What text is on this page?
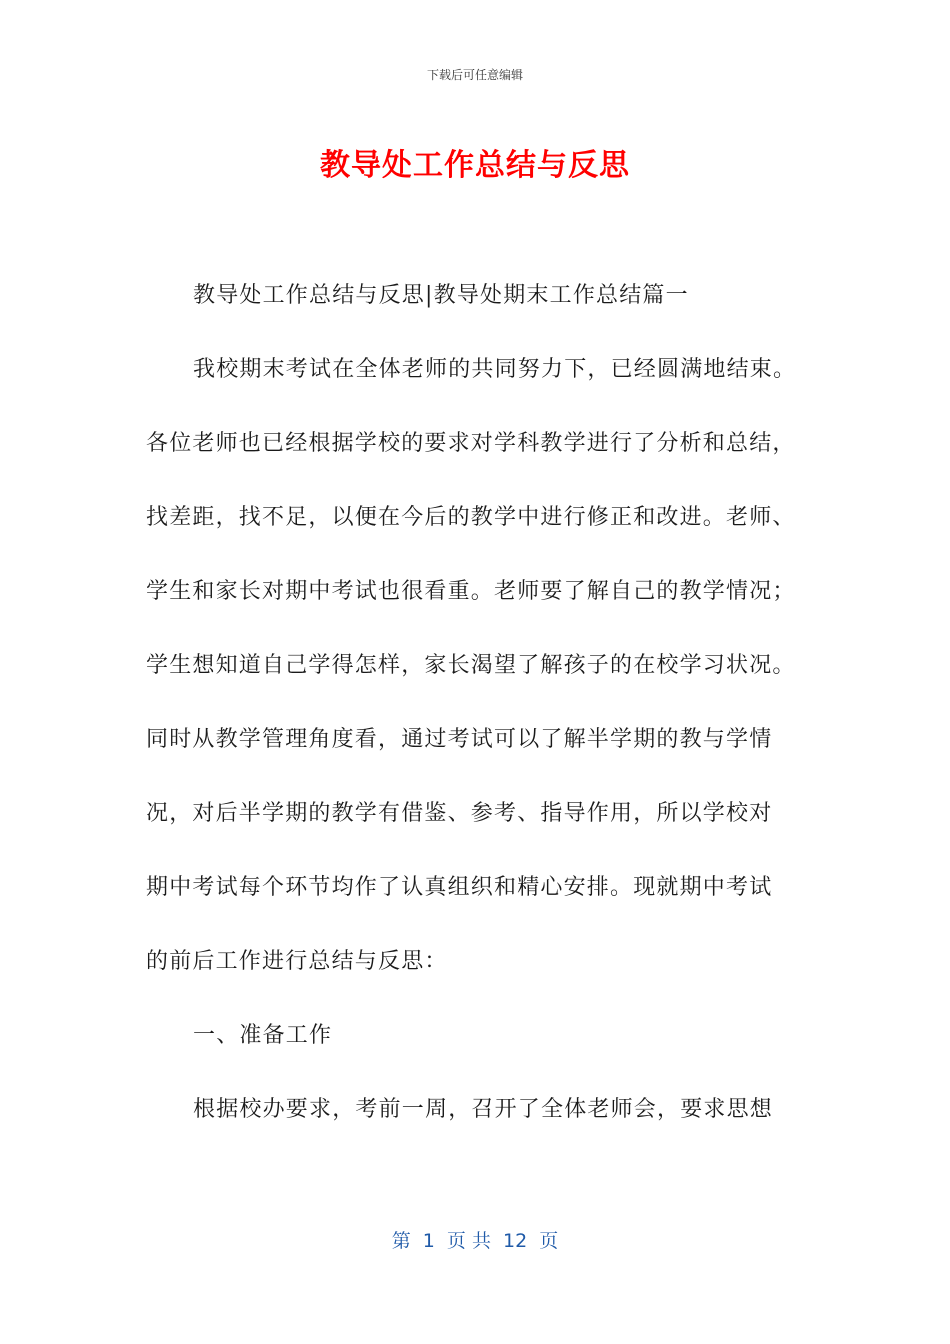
下载后可任意编辑
教导处工作总结与反思
教导处工作总结与反思|教导处期末工作总结篇一
我校期末考试在全体老师的共同努力下，已经圆满地结束。
各位老师也已经根据学校的要求对学科教学进行了分析和总结，
找差距，找不足，以便在今后的教学中进行修正和改进。老师、
学生和家长对期中考试也很看重。老师要了解自己的教学情况；
学生想知道自己学得怎样，家长渴望了解孩子的在校学习状况。
同时从教学管理角度看，通过考试可以了解半学期的教与学情
况，对后半学期的教学有借鉴、参考、指导作用，所以学校对
期中考试每个环节均作了认真组织和精心安排。现就期中考试
的前后工作进行总结与反思：
一、准备工作
根据校办要求，考前一周，召开了全体老师会，要求思想
第  1  页 共  12  页
